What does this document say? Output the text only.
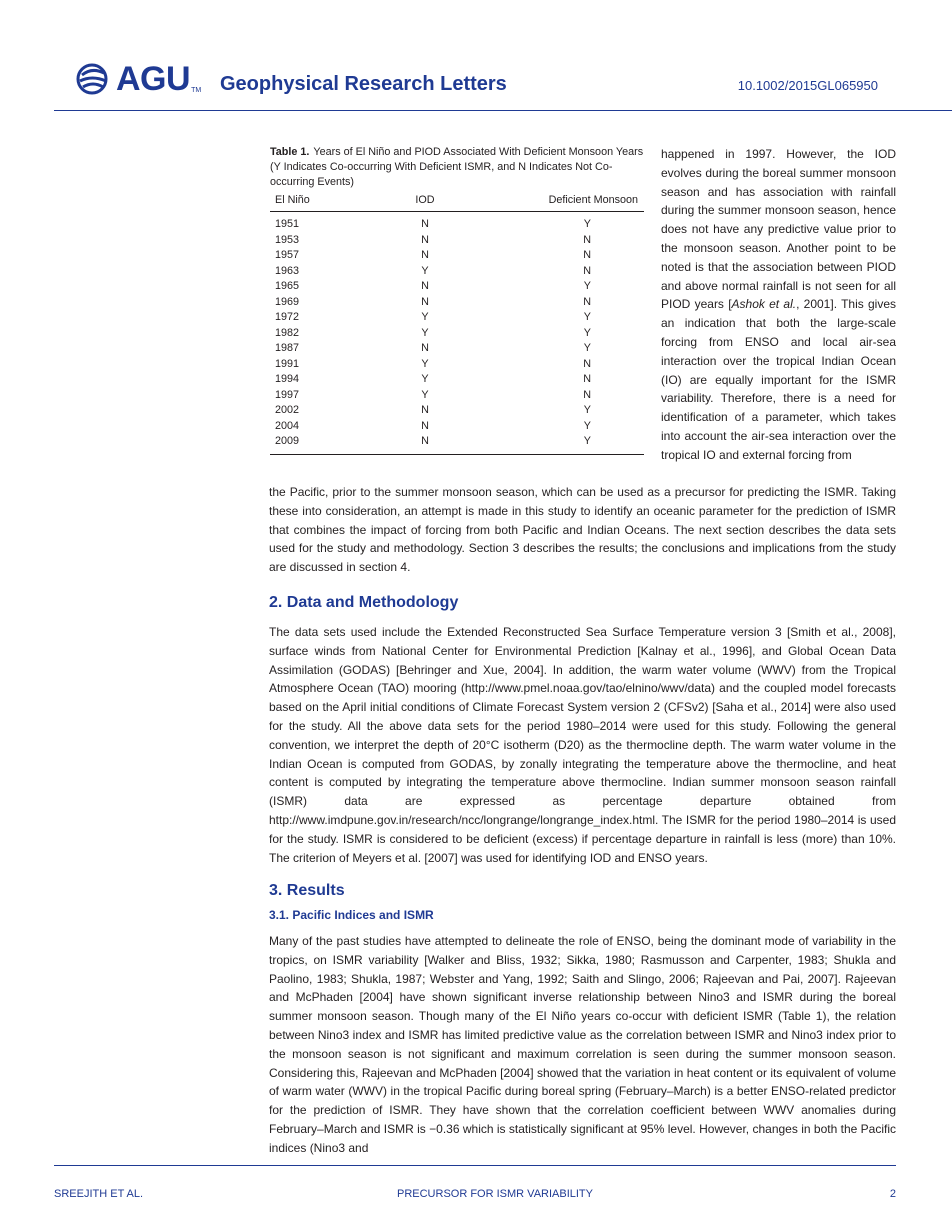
AGU TM Geophysical Research Letters	10.1002/2015GL065950
Table 1. Years of El Niño and PIOD Associated With Deficient Monsoon Years (Y Indicates Co-occurring With Deficient ISMR, and N Indicates Not Co-occurring Events)
El Niño	IOD	Deficient Monsoon
1951	N	Y
1953	N	N
1957	N	N
1963	Y	N
1965	N	Y
1969	N	N
1972	Y	Y
1982	Y	Y
1987	N	Y
1991	Y	N
1994	Y	N
1997	Y	N
2002	N	Y
2004	N	Y
2009	N	Y

happened in 1997. However, the IOD evolves during the boreal summer monsoon season and has association with rainfall during the summer monsoon season, hence does not have any predictive value prior to the monsoon season. Another point to be noted is that the association between PIOD and above normal rainfall is not seen for all PIOD years [Ashok et al., 2001]. This gives an indication that both the large-scale forcing from ENSO and local air-sea interaction over the tropical Indian Ocean (IO) are equally important for the ISMR variability. Therefore, there is a need for identification of a parameter, which takes into account the air-sea interaction over the tropical IO and external forcing from

the Pacific, prior to the summer monsoon season, which can be used as a precursor for predicting the ISMR. Taking these into consideration, an attempt is made in this study to identify an oceanic parameter for the prediction of ISMR that combines the impact of forcing from both Pacific and Indian Oceans. The next section describes the data sets used for the study and methodology. Section 3 describes the results; the conclusions and implications from the study are discussed in section 4.

2. Data and Methodology

The data sets used include the Extended Reconstructed Sea Surface Temperature version 3 [Smith et al., 2008], surface winds from National Center for Environmental Prediction [Kalnay et al., 1996], and Global Ocean Data Assimilation (GODAS) [Behringer and Xue, 2004]. In addition, the warm water volume (WWV) from the Tropical Atmosphere Ocean (TAO) mooring (http://www.pmel.noaa.gov/tao/elnino/wwv/data) and the coupled model forecasts based on the April initial conditions of Climate Forecast System version 2 (CFSv2) [Saha et al., 2014] were also used for the study. All the above data sets for the period 1980–2014 were used for this study. Following the general convention, we interpret the depth of 20°C isotherm (D20) as the thermocline depth. The warm water volume in the Indian Ocean is computed from GODAS, by zonally integrating the temperature above the thermocline, and heat content is computed by integrating the temperature above thermocline. Indian summer monsoon season rainfall (ISMR) data are expressed as percentage departure obtained from http://www.imdpune.gov.in/research/ncc/longrange/longrange_index.html. The ISMR for the period 1980–2014 is used for the study. ISMR is considered to be deficient (excess) if percentage departure in rainfall is less (more) than 10%. The criterion of Meyers et al. [2007] was used for identifying IOD and ENSO years.

3. Results
3.1. Pacific Indices and ISMR

Many of the past studies have attempted to delineate the role of ENSO, being the dominant mode of variability in the tropics, on ISMR variability [Walker and Bliss, 1932; Sikka, 1980; Rasmusson and Carpenter, 1983; Shukla and Paolino, 1983; Shukla, 1987; Webster and Yang, 1992; Saith and Slingo, 2006; Rajeevan and Pai, 2007]. Rajeevan and McPhaden [2004] have shown significant inverse relationship between Nino3 and ISMR during the boreal summer monsoon season. Though many of the El Niño years co-occur with deficient ISMR (Table 1), the relation between Nino3 index and ISMR has limited predictive value as the correlation between ISMR and Nino3 index prior to the monsoon season is not significant and maximum correlation is seen during the summer monsoon season. Considering this, Rajeevan and McPhaden [2004] showed that the variation in heat content or its equivalent of volume of warm water (WWV) in the tropical Pacific during boreal spring (February–March) is a better ENSO-related predictor for the prediction of ISMR. They have shown that the correlation coefficient between WWV anomalies during February–March and ISMR is −0.36 which is statistically significant at 95% level. However, changes in both the Pacific indices (Nino3 and

SREEJITH ET AL.	PRECURSOR FOR ISMR VARIABILITY	2
